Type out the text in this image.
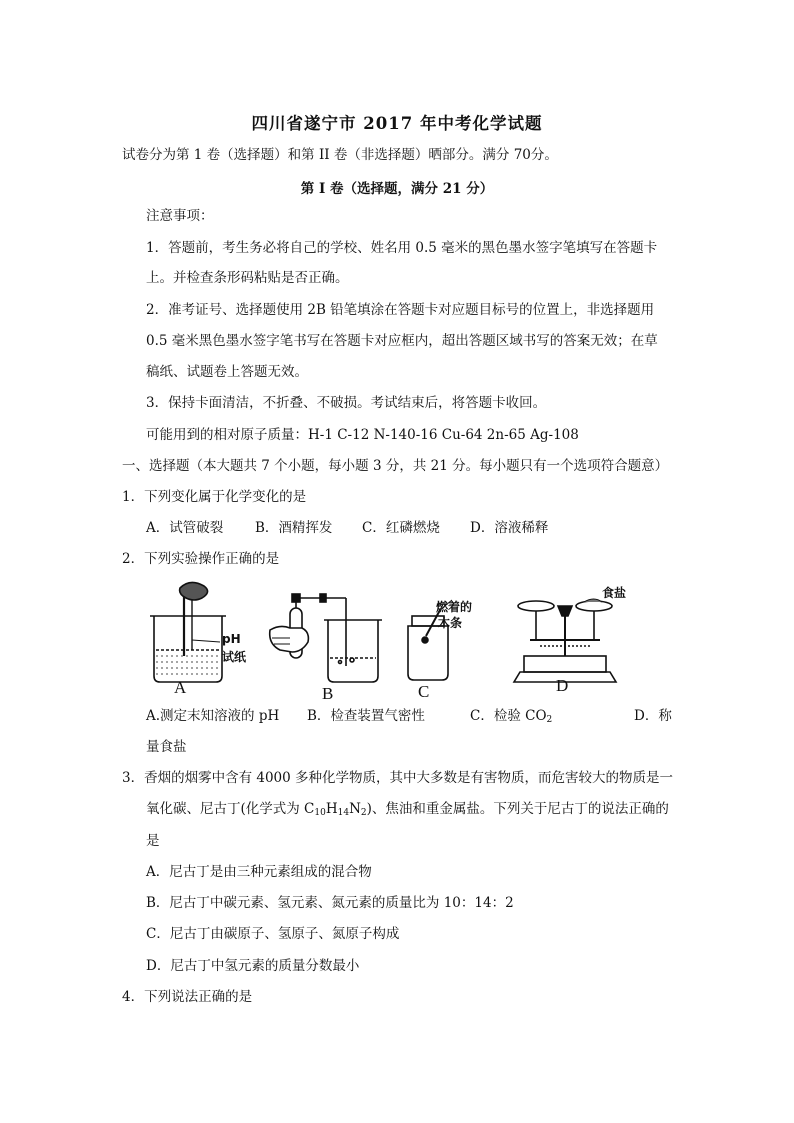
四川省遂宁市 2017 年中考化学试题
试卷分为第 1 卷（选择题）和第 II 卷（非选择题）晒部分。满分 70分。
第 I 卷（选择题，满分 21 分）
注意事项：
1．答题前，考生务必将自己的学校、姓名用 0.5 毫米的黑色墨水签字笔填写在答题卡
上。并检查条形码粘贴是否正确。
2．准考证号、选择题使用 2B 铅笔填涂在答题卡对应题目标号的位置上，非选择题用
0.5 毫米黑色墨水签字笔书写在答题卡对应框内，超出答题区域书写的答案无效；在草
稿纸、试题卷上答题无效。
3．保持卡面清洁，不折叠、不破损。考试结束后，将答题卡收回。
可能用到的相对原子质量：H-1 C-12 N-140-16 Cu-64 2n-65 Ag-108
一、选择题（本大题共 7 个小题，每小题 3 分，共 21 分。每小题只有一个选项符合题意）
1．下列变化属于化学变化的是
A．试管破裂 B．酒精挥发 C．红磷燃烧 D．溶液稀释
2．下列实验操作正确的是
pH
试纸
燃着的
木条
食盐
A	B	C	D
A.测定末知溶液的 pH B．检查装置气密性	C．检验 $CO_2$	D．称
量食盐
3．香烟的烟雾中含有 4000 多种化学物质，其中大多数是有害物质，而危害较大的物质是一
氧化碳、尼古丁(化学式为 $C_{10}H_{14}N_2$)、焦油和重金属盐。下列关于尼古丁的说法正确的
是
A．尼古丁是由三种元素组成的混合物
B．尼古丁中碳元素、氢元素、氮元素的质量比为 10：14：2
C．尼古丁由碳原子、氢原子、氮原子构成
D．尼古丁中氢元素的质量分数最小
4．下列说法正确的是
